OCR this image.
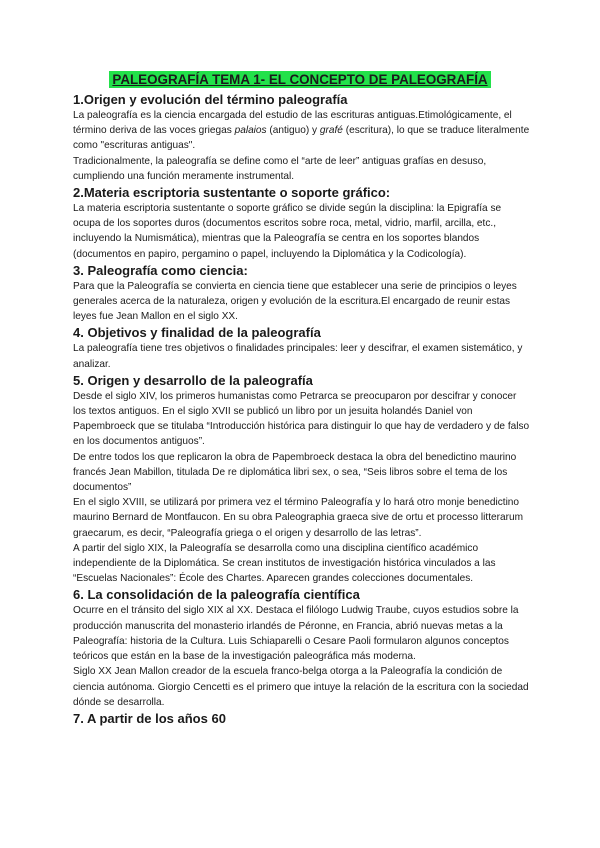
PALEOGRAFÍA TEMA 1- EL CONCEPTO DE PALEOGRAFÍA
1.Origen y evolución del término paleografía

La paleografía es la ciencia encargada del estudio de las escrituras antiguas.Etimológicamente, el término deriva de las voces griegas palaios (antiguo) y grafé (escritura), lo que se traduce literalmente como "escrituras antiguas".

Tradicionalmente, la paleografía se define como el “arte de leer” antiguas grafías en desuso, cumpliendo una función meramente instrumental.

2.Materia escriptoria sustentante o soporte gráfico:

La materia escriptoria sustentante o soporte gráfico se divide según la disciplina: la Epigrafía se ocupa de los soportes duros (documentos escritos sobre roca, metal, vidrio, marfil, arcilla, etc., incluyendo la Numismática), mientras que la Paleografía se centra en los soportes blandos (documentos en papiro, pergamino o papel, incluyendo la Diplomática y la Codicología).

3. Paleografía como ciencia:

Para que la Paleografía se convierta en ciencia tiene que establecer una serie de principios o leyes generales acerca de la naturaleza, origen y evolución de la escritura.El encargado de reunir estas leyes fue Jean Mallon en el siglo XX.

4. Objetivos y finalidad de la paleografía

La paleografía tiene tres objetivos o finalidades principales: leer y descifrar, el examen sistemático, y analizar.

5. Origen y desarrollo de la paleografía

Desde el siglo XIV, los primeros humanistas como Petrarca se preocuparon por descifrar y conocer los textos antiguos. En el siglo XVII se publicó un libro por un jesuita holandés Daniel von Papembroeck que se titulaba “Introducción histórica para distinguir lo que hay de verdadero y de falso en los documentos antiguos”.

De entre todos los que replicaron la obra de Papembroeck destaca la obra del benedictino maurino francés Jean Mabillon, titulada De re diplomática libri sex, o sea, “Seis libros sobre el tema de los documentos”

En el siglo XVIII, se utilizará por primera vez el término Paleografía y lo hará otro monje benedictino maurino Bernard de Montfaucon. En su obra Paleographia graeca sive de ortu et processo litterarum graecarum, es decir, “Paleografía griega o el origen y desarrollo de las letras”.

A partir del siglo XIX, la Paleografía se desarrolla como una disciplina científico académico independiente de la Diplomática. Se crean institutos de investigación histórica vinculados a las “Escuelas Nacionales”: École des Chartes. Aparecen grandes colecciones documentales.

6. La consolidación de la paleografía científica

Ocurre en el tránsito del siglo XIX al XX. Destaca el filólogo Ludwig Traube, cuyos estudios sobre la producción manuscrita del monasterio irlandés de Péronne, en Francia, abrió nuevas metas a la Paleografía: historia de la Cultura. Luis Schiaparelli o Cesare Paoli formularon algunos conceptos teóricos que están en la base de la investigación paleográfica más moderna.

Siglo XX Jean Mallon creador de la escuela franco-belga otorga a la Paleografía la condición de ciencia autónoma. Giorgio Cencetti es el primero que intuye la relación de la escritura con la sociedad dónde se desarrolla.

7. A partir de los años 60
